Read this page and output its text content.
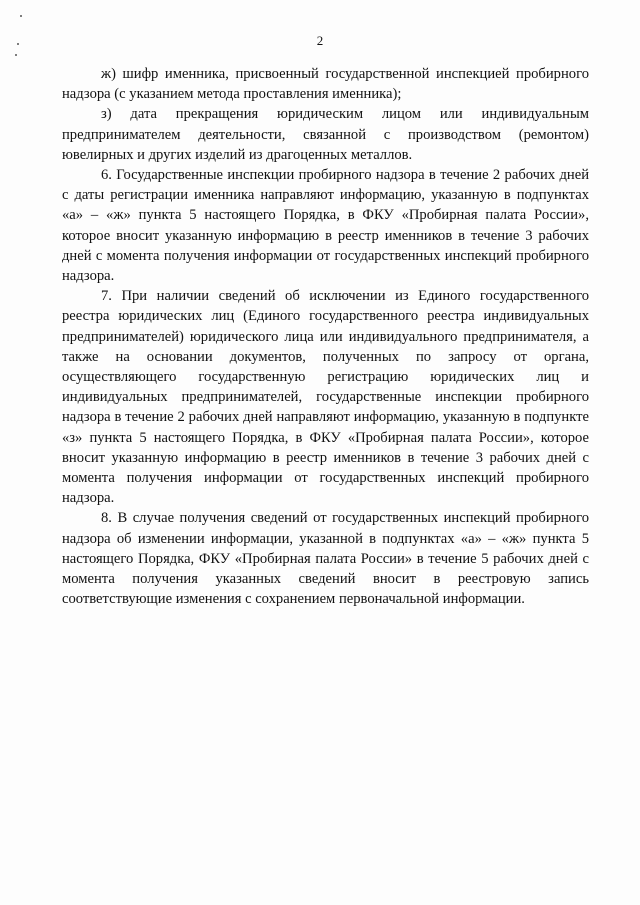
2

ж) шифр именника, присвоенный государственной инспекцией пробирного надзора (с указанием метода проставления именника);

з) дата прекращения юридическим лицом или индивидуальным предпринимателем деятельности, связанной с производством (ремонтом) ювелирных и других изделий из драгоценных металлов.

6. Государственные инспекции пробирного надзора в течение 2 рабочих дней с даты регистрации именника направляют информацию, указанную в подпунктах «а» – «ж» пункта 5 настоящего Порядка, в ФКУ «Пробирная палата России», которое вносит указанную информацию в реестр именников в течение 3 рабочих дней с момента получения информации от государственных инспекций пробирного надзора.

7. При наличии сведений об исключении из Единого государственного реестра юридических лиц (Единого государственного реестра индивидуальных предпринимателей) юридического лица или индивидуального предпринимателя, а также на основании документов, полученных по запросу от органа, осуществляющего государственную регистрацию юридических лиц и индивидуальных предпринимателей, государственные инспекции пробирного надзора в течение 2 рабочих дней направляют информацию, указанную в подпункте «з» пункта 5 настоящего Порядка, в ФКУ «Пробирная палата России», которое вносит указанную информацию в реестр именников в течение 3 рабочих дней с момента получения информации от государственных инспекций пробирного надзора.

8. В случае получения сведений от государственных инспекций пробирного надзора об изменении информации, указанной в подпунктах «а» – «ж» пункта 5 настоящего Порядка, ФКУ «Пробирная палата России» в течение 5 рабочих дней с момента получения указанных сведений вносит в реестровую запись соответствующие изменения с сохранением первоначальной информации.
